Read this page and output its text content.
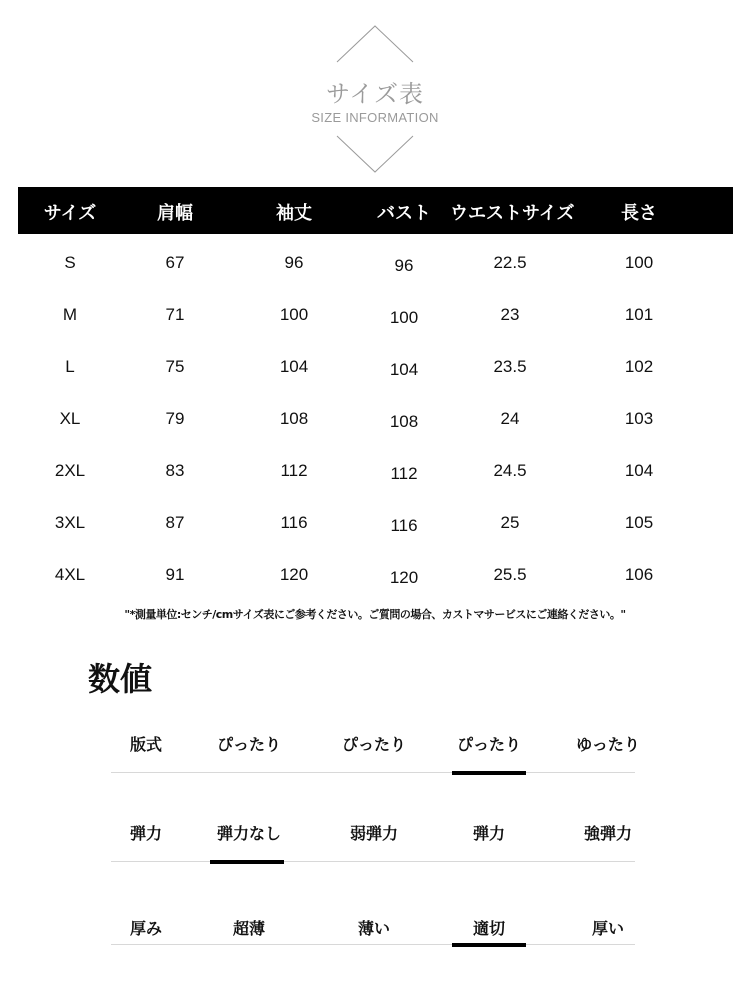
サイズ表
SIZE INFORMATION
サイズ	肩幅	袖丈	バスト	ウエストサイズ	長さ
S	67	96	96	22.5	100
M	71	100	100	23	101
L	75	104	104	23.5	102
XL	79	108	108	24	103
2XL	83	112	112	24.5	104
3XL	87	116	116	25	105
4XL	91	120	120	25.5	106
"*測量単位:センチ/cmサイズ表にご参考ください。ご質問の場合、カストマサービスにご連絡ください。"
数値
版式	ぴったり	ぴったり	ぴったり	ゆったり
弾力	弾力なし	弱弾力	弾力	強弾力
厚み	超薄	薄い	適切	厚い
